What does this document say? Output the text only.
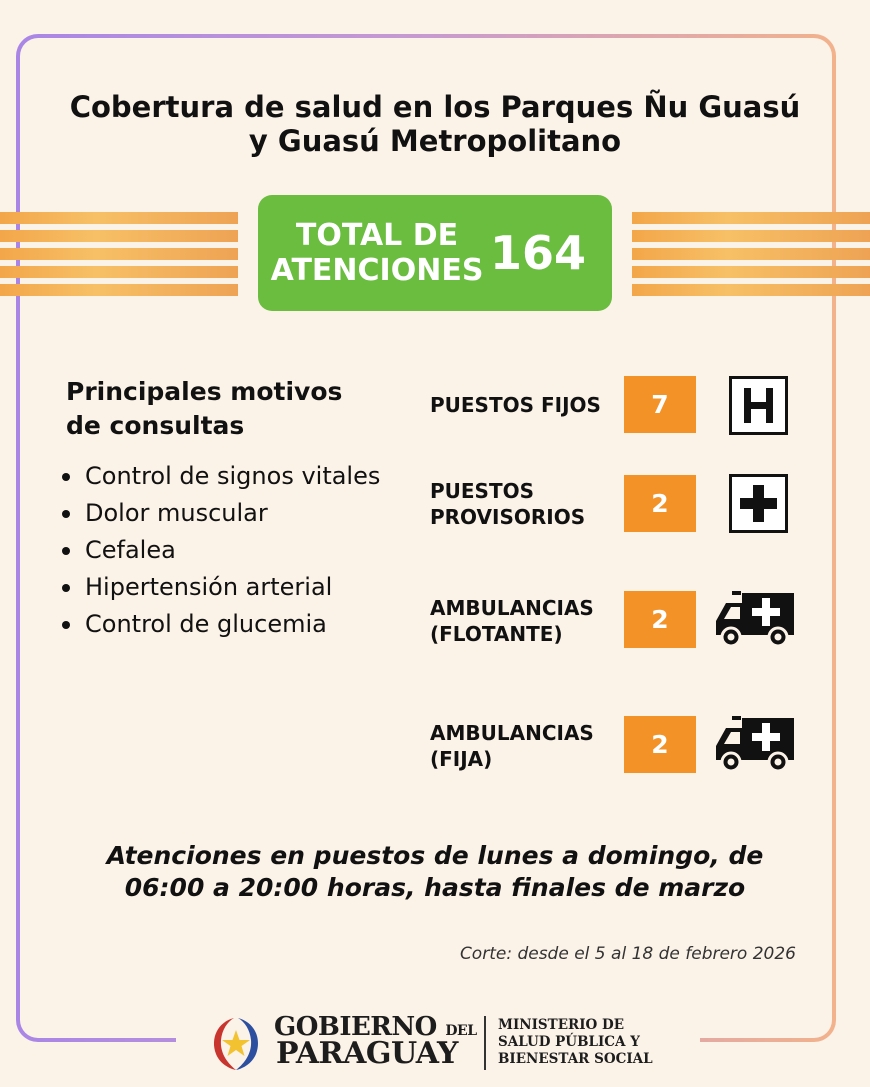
Cobertura de salud en los Parques Ñu Guasú
y Guasú Metropolitano
TOTAL DE
ATENCIONES 164
Principales motivos
de consultas
Control de signos vitales
Dolor muscular
Cefalea
Hipertensión arterial
Control de glucemia
PUESTOS FIJOS	7
PUESTOS
PROVISORIOS	2
AMBULANCIAS
(FLOTANTE)	2
AMBULANCIAS
(FIJA)	2

Atenciones en puestos de lunes a domingo, de
06:00 a 20:00 horas, hasta finales de marzo

Corte: desde el 5 al 18 de febrero 2026
GOBIERNO DEL
PARAGUAY
MINISTERIO DE
SALUD PÚBLICA Y
BIENESTAR SOCIAL
